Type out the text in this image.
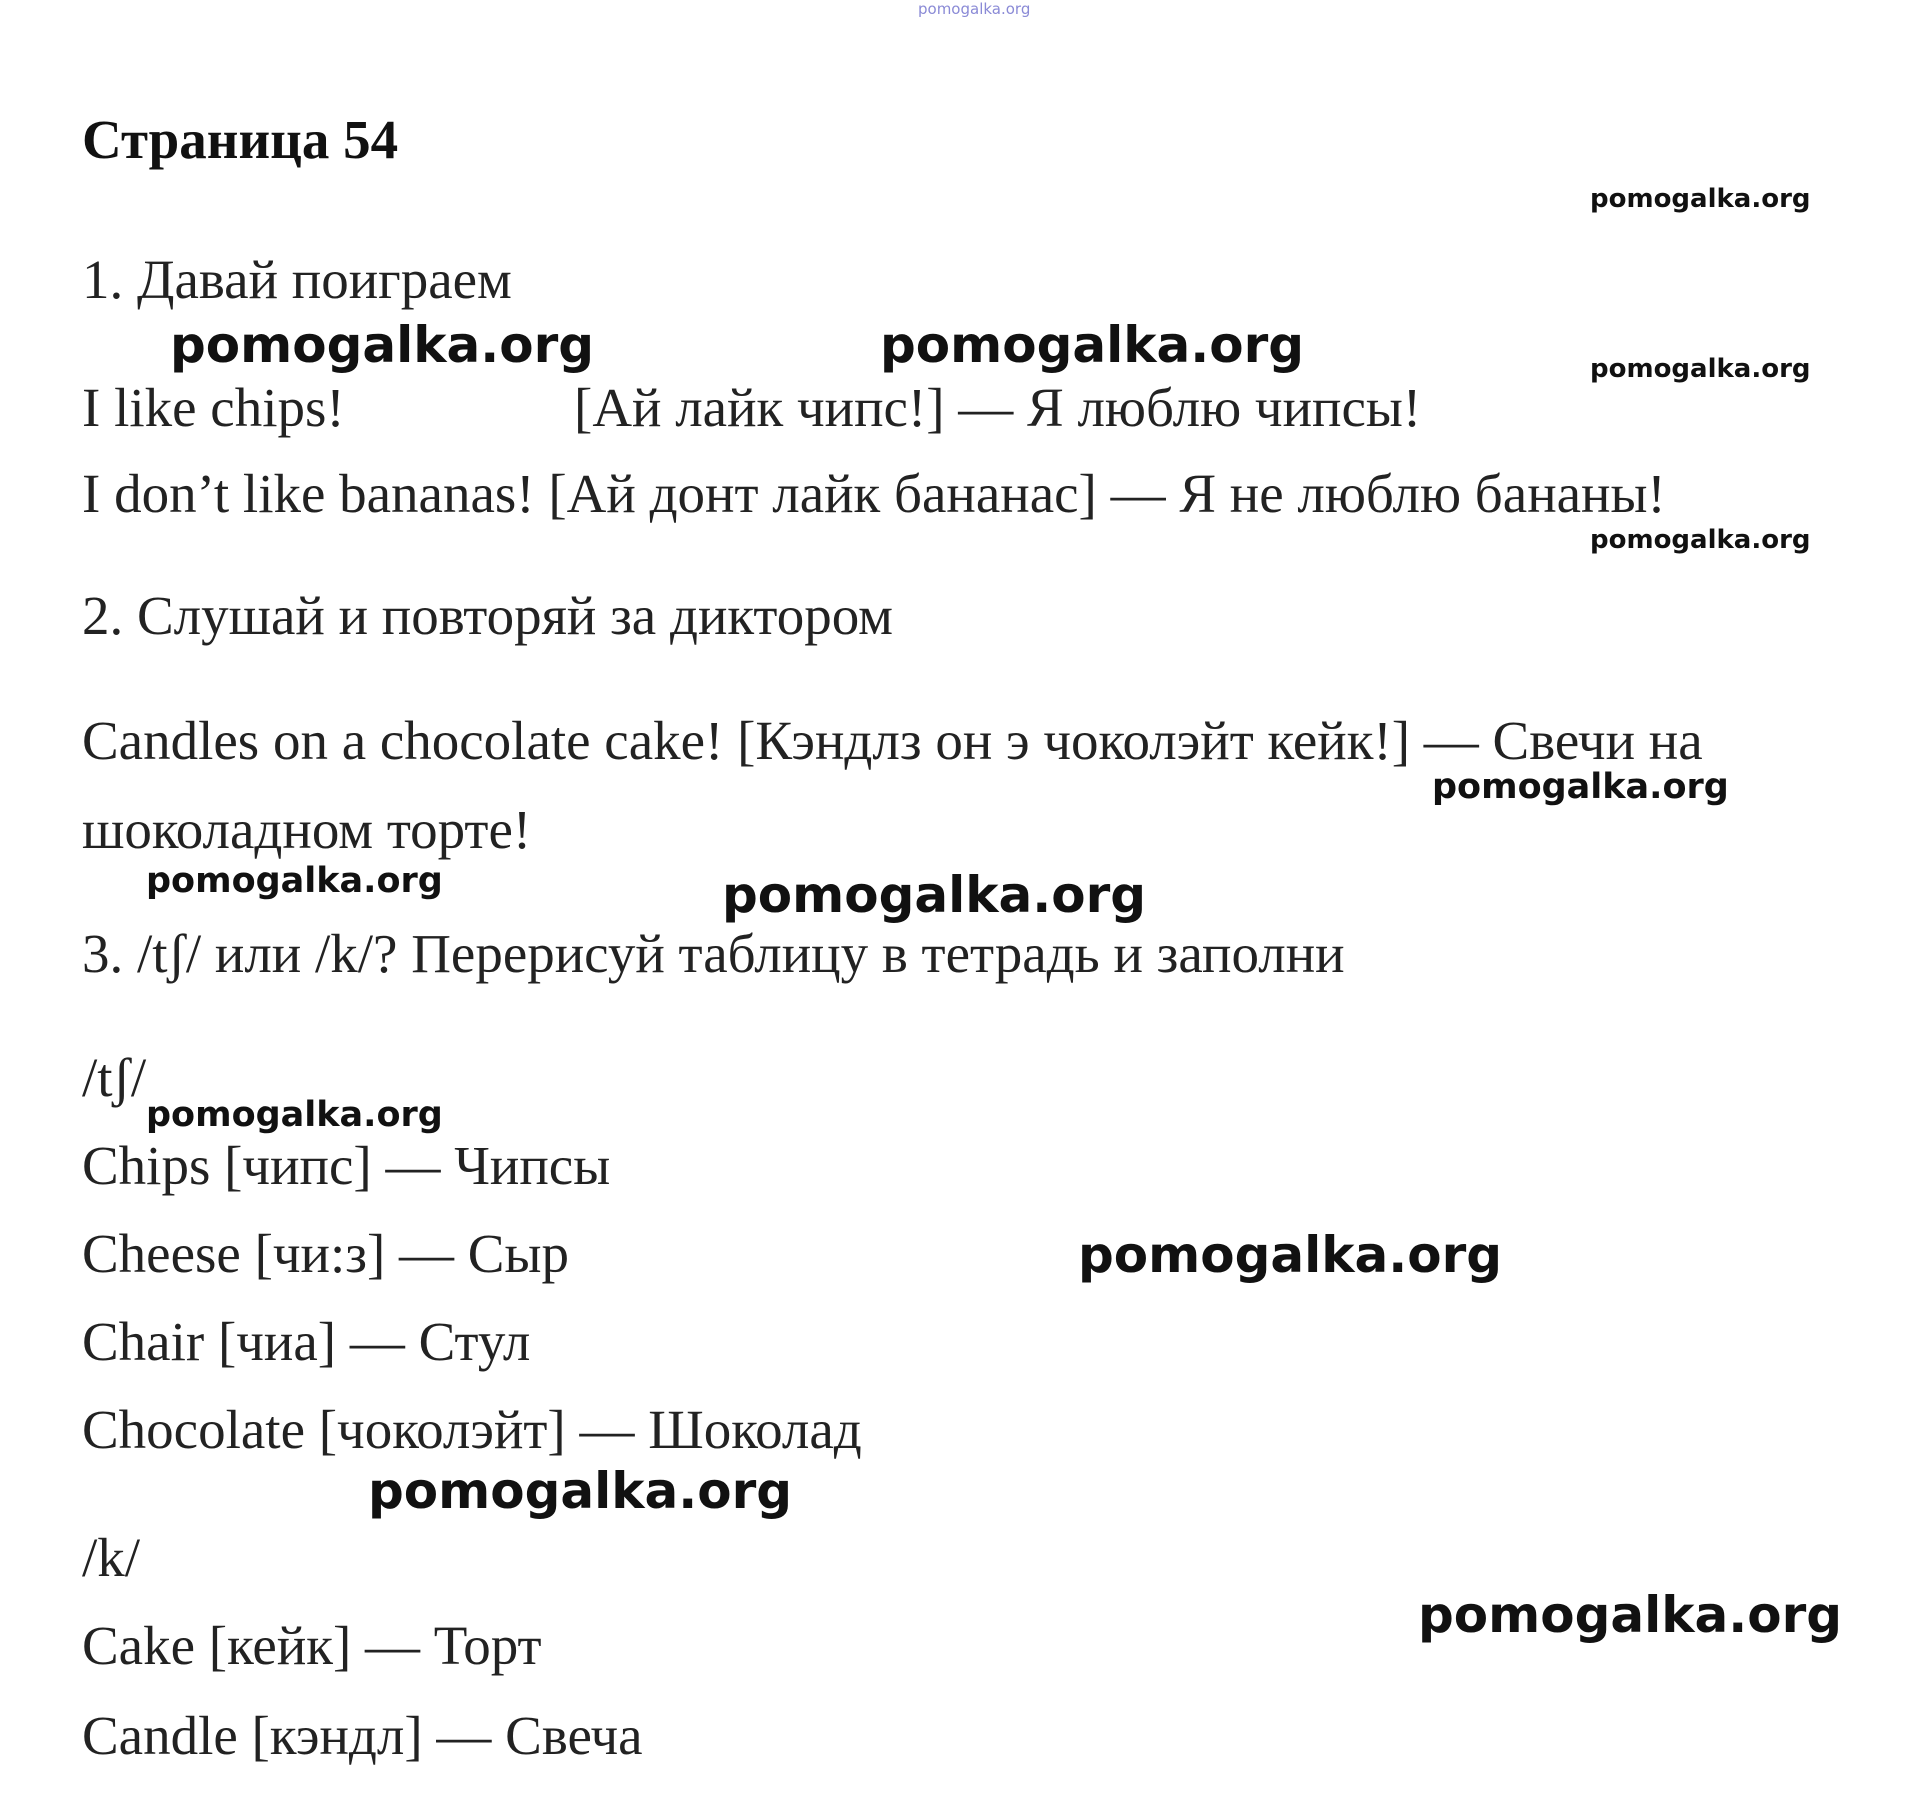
pomogalka.org
Страница 54
pomogalka.org
1. Давай поиграем
pomogalka.org	pomogalka.org	pomogalka.org
I like chips!	[Ай лайк чипс!] — Я люблю чипсы!
I don’t like bananas! [Ай донт лайк бананас] — Я не люблю бананы!
pomogalka.org
2. Слушай и повторяй за диктором
Candles on a chocolate cake! [Кэндлз он э чоколэйт кейк!] — Свечи на
pomogalka.org
шоколадном торте!
pomogalka.org	pomogalka.org
3. /tʃ/ или /k/? Перерисуй таблицу в тетрадь и заполни
/tʃ/
pomogalka.org
Chips [чипс] — Чипсы
Cheese [чи:з] — Сыр	pomogalka.org
Chair [чиа] — Стул
Chocolate [чоколэйт] — Шоколад
pomogalka.org
/k/
pomogalka.org
Cake [кейк] — Торт
Candle [кэндл] — Свеча
